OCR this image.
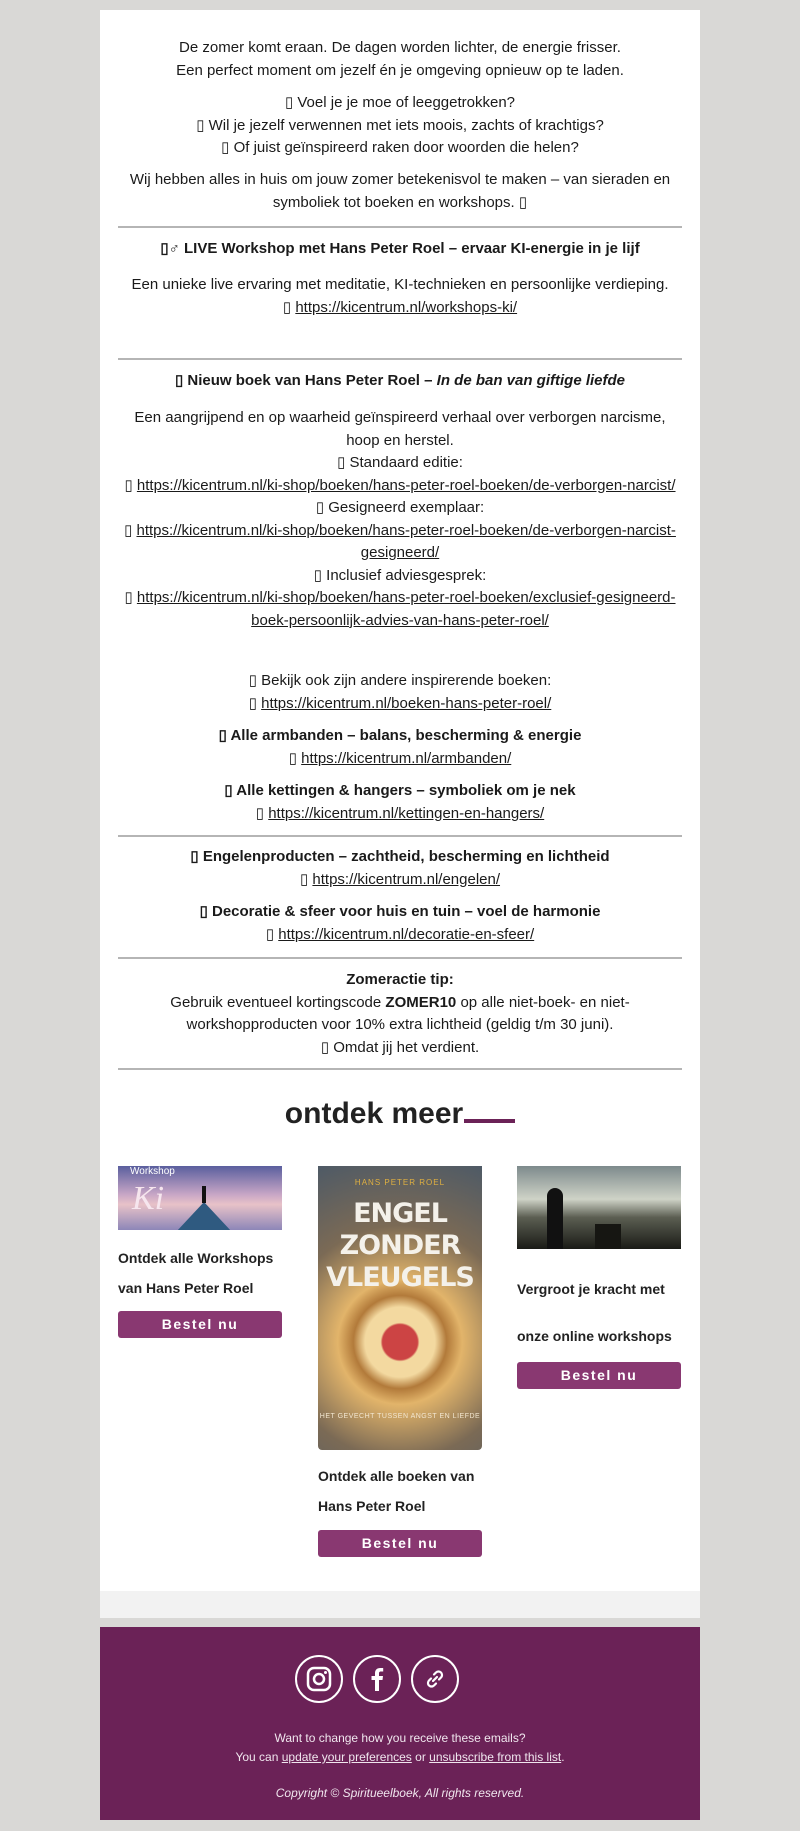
De zomer komt eraan. De dagen worden lichter, de energie frisser.

Een perfect moment om jezelf én je omgeving opnieuw op te laden.

▯ Voel je je moe of leeggetrokken?

▯ Wil je jezelf verwennen met iets moois, zachts of krachtigs?

▯ Of juist geïnspireerd raken door woorden die helen?

Wij hebben alles in huis om jouw zomer betekenisvol te maken – van sieraden en symboliek tot boeken en workshops. ▯

▯♂ LIVE Workshop met Hans Peter Roel – ervaar KI-energie in je lijf

Een unieke live ervaring met meditatie, KI-technieken en persoonlijke verdieping.

▯ https://kicentrum.nl/workshops-ki/

▯ Nieuw boek van Hans Peter Roel – In de ban van giftige liefde

Een aangrijpend en op waarheid geïnspireerd verhaal over verborgen narcisme, hoop en herstel.

▯ Standaard editie:

▯ https://kicentrum.nl/ki-shop/boeken/hans-peter-roel-boeken/de-verborgen-narcist/

▯ Gesigneerd exemplaar:

▯ https://kicentrum.nl/ki-shop/boeken/hans-peter-roel-boeken/de-verborgen-narcist-gesigneerd/

▯ Inclusief adviesgesprek:

▯ https://kicentrum.nl/ki-shop/boeken/hans-peter-roel-boeken/exclusief-gesigneerd-boek-persoonlijk-advies-van-hans-peter-roel/

▯ Bekijk ook zijn andere inspirerende boeken:

▯ https://kicentrum.nl/boeken-hans-peter-roel/

▯ Alle armbanden – balans, bescherming & energie

▯ https://kicentrum.nl/armbanden/

▯ Alle kettingen & hangers – symboliek om je nek

▯ https://kicentrum.nl/kettingen-en-hangers/

▯ Engelenproducten – zachtheid, bescherming en lichtheid

▯ https://kicentrum.nl/engelen/

▯ Decoratie & sfeer voor huis en tuin – voel de harmonie

▯ https://kicentrum.nl/decoratie-en-sfeer/

Zomeractie tip:

Gebruik eventueel kortingscode ZOMER10 op alle niet-boek- en niet-workshopproducten voor 10% extra lichtheid (geldig t/m 30 juni).

▯ Omdat jij het verdient.

ontdek meer
Workshop
Ki
Ontdek alle Workshops
van Hans Peter Roel
Bestel nu
HANS PETER ROEL
ENGEL ZONDER VLEUGELS
HET GEVECHT TUSSEN ANGST EN LIEFDE
Ontdek alle boeken van
Hans Peter Roel
Bestel nu
Vergroot je kracht met
onze online workshops
Bestel nu
Want to change how you receive these emails?
You can update your preferences or unsubscribe from this list.
Copyright © Spiritueelboek, All rights reserved.
